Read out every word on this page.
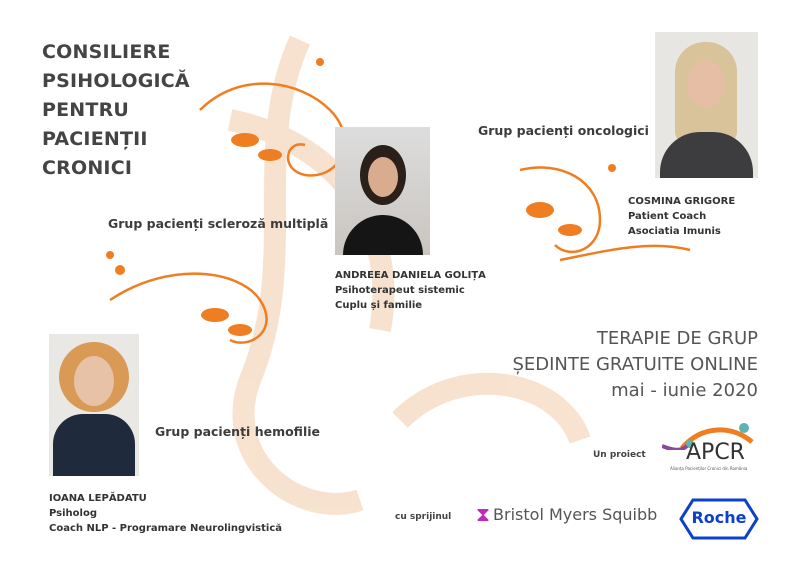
CONSILIERE
PSIHOLOGICĂ
PENTRU
PACIENȚII
CRONICI
Grup pacienți scleroză multiplă
Grup pacienți oncologici
Grup pacienți hemofilie
ANDREEA DANIELA GOLIȚA
Psihoterapeut sistemic
Cuplu și familie
COSMINA GRIGORE
Patient Coach
Asociatia Imunis
IOANA LEPĂDATU
Psiholog
Coach NLP - Programare Neurolingvistică
TERAPIE DE GRUP
ȘEDINTE GRATUITE ONLINE
mai - iunie 2020
Un proiect APCR
Alianța Pacienților Cronici din România
cu sprijinul ⧗ Bristol Myers Squibb	Roche
